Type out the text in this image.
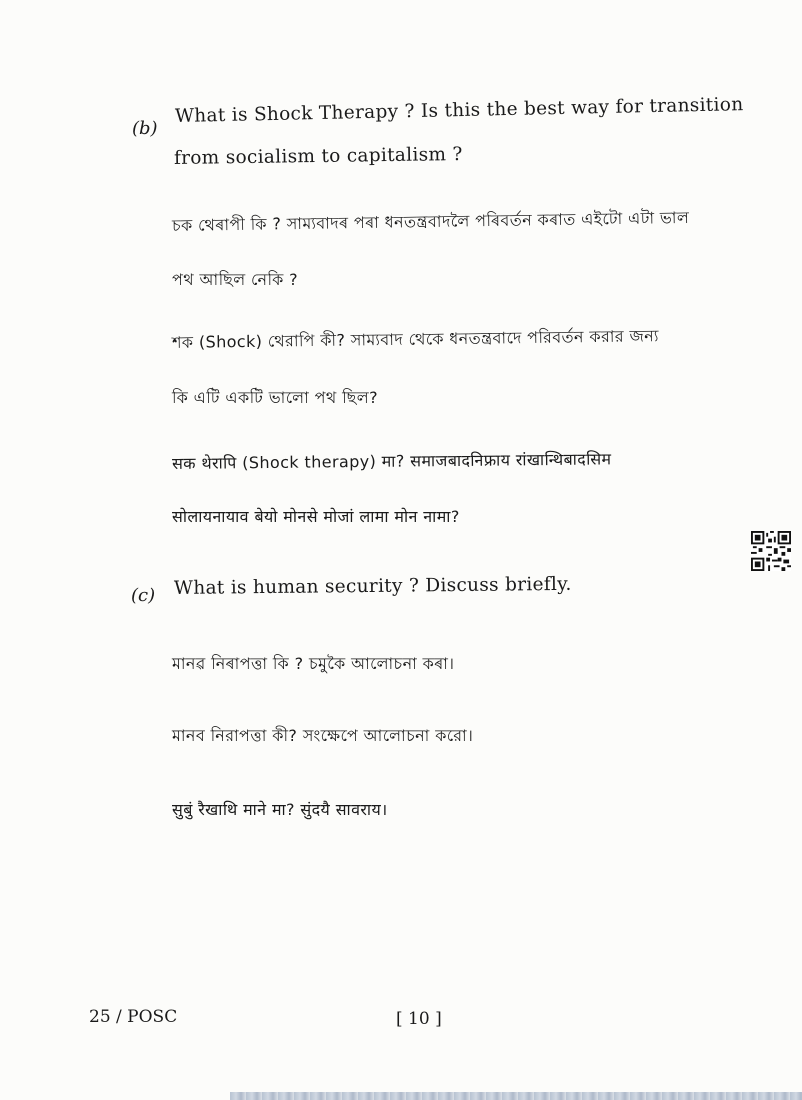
(b)
What is Shock Therapy ? Is this the best way for transition
from socialism to capitalism ?
চক থেৰাপী কি ? সাম্যবাদৰ পৰা ধনতন্ত্ৰবাদলৈ পৰিবৰ্তন কৰাত এইটো এটা ভাল
পথ আছিল নেকি ?
শক (Shock) থেরাপি কী? সাম্যবাদ থেকে ধনতন্ত্রবাদে পরিবর্তন করার জন্য
কি এটি একটি ভালো পথ ছিল?
सक थेरापि (Shock therapy) मा? समाजबादनिफ्राय रांखान्थिबादसिम
सोलायनायाव बेयो मोनसे मोजां लामा मोन नामा?
(c) What is human security ? Discuss briefly.
মানৱ নিৰাপত্তা কি ? চমুকৈ আলোচনা কৰা।
মানব নিরাপত্তা কী? সংক্ষেপে আলোচনা করো।
सुबुं रैखाथि माने मा? सुंदयै सावराय।
25 / POSC	[ 10 ]
